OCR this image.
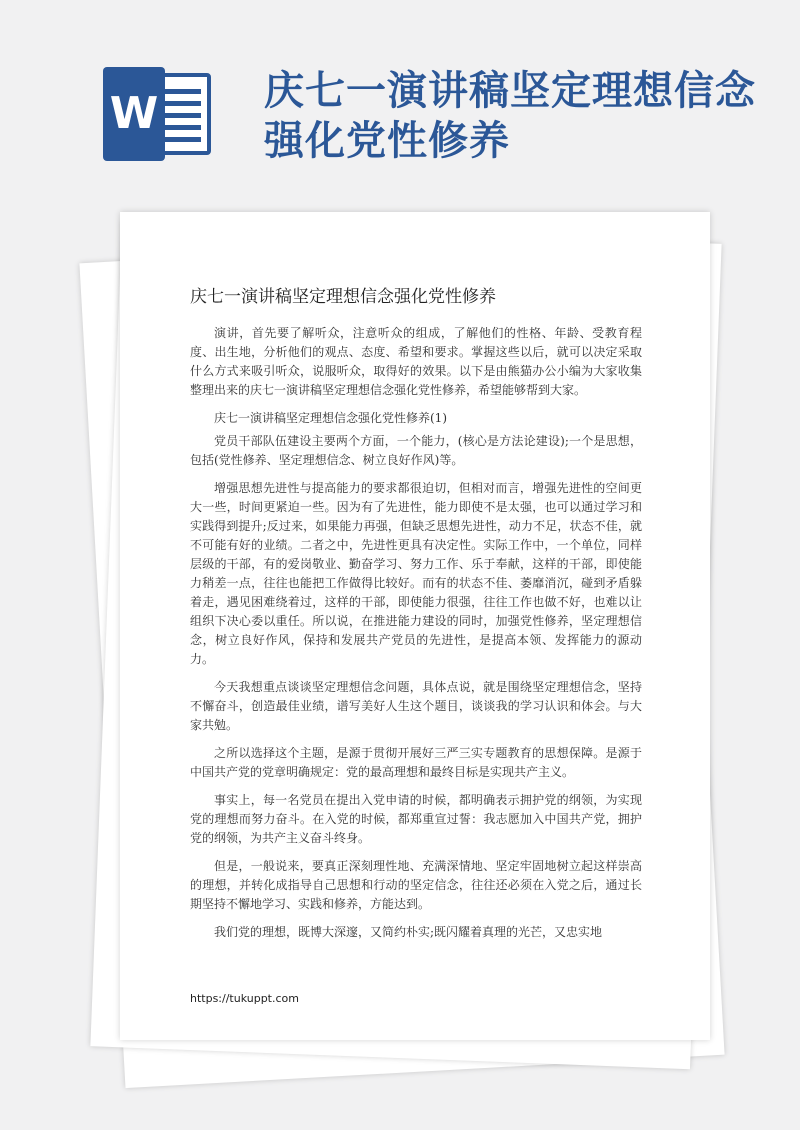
W	庆七一演讲稿坚定理想信念强化党性修养
庆七一演讲稿坚定理想信念强化党性修养

演讲，首先要了解听众，注意听众的组成，了解他们的性格、年龄、受教育程度、出生地，分析他们的观点、态度、希望和要求。掌握这些以后，就可以决定采取什么方式来吸引听众，说服听众，取得好的效果。以下是由熊猫办公小编为大家收集整理出来的庆七一演讲稿坚定理想信念强化党性修养，希望能够帮到大家。

庆七一演讲稿坚定理想信念强化党性修养(1)

党员干部队伍建设主要两个方面，一个能力，(核心是方法论建设);一个是思想，包括(党性修养、坚定理想信念、树立良好作风)等。

增强思想先进性与提高能力的要求都很迫切，但相对而言，增强先进性的空间更大一些，时间更紧迫一些。因为有了先进性，能力即使不是太强，也可以通过学习和实践得到提升;反过来，如果能力再强，但缺乏思想先进性，动力不足，状态不佳，就不可能有好的业绩。二者之中，先进性更具有决定性。实际工作中，一个单位，同样层级的干部，有的爱岗敬业、勤奋学习、努力工作、乐于奉献，这样的干部，即使能力稍差一点，往往也能把工作做得比较好。而有的状态不佳、萎靡消沉，碰到矛盾躲着走，遇见困难绕着过，这样的干部，即使能力很强，往往工作也做不好，也难以让组织下决心委以重任。所以说，在推进能力建设的同时，加强党性修养，坚定理想信念，树立良好作风，保持和发展共产党员的先进性，是提高本领、发挥能力的源动力。

今天我想重点谈谈坚定理想信念问题，具体点说，就是围绕坚定理想信念，坚持不懈奋斗，创造最佳业绩，谱写美好人生这个题目，谈谈我的学习认识和体会。与大家共勉。

之所以选择这个主题，是源于贯彻开展好三严三实专题教育的思想保障。是源于中国共产党的党章明确规定：党的最高理想和最终目标是实现共产主义。

事实上，每一名党员在提出入党申请的时候，都明确表示拥护党的纲领，为实现党的理想而努力奋斗。在入党的时候，都郑重宣过誓：我志愿加入中国共产党，拥护党的纲领，为共产主义奋斗终身。

但是，一般说来，要真正深刻理性地、充满深情地、坚定牢固地树立起这样崇高的理想，并转化成指导自己思想和行动的坚定信念，往往还必须在入党之后，通过长期坚持不懈地学习、实践和修养，方能达到。

我们党的理想，既博大深邃，又简约朴实;既闪耀着真理的光芒，又忠实地

https://tukuppt.com
